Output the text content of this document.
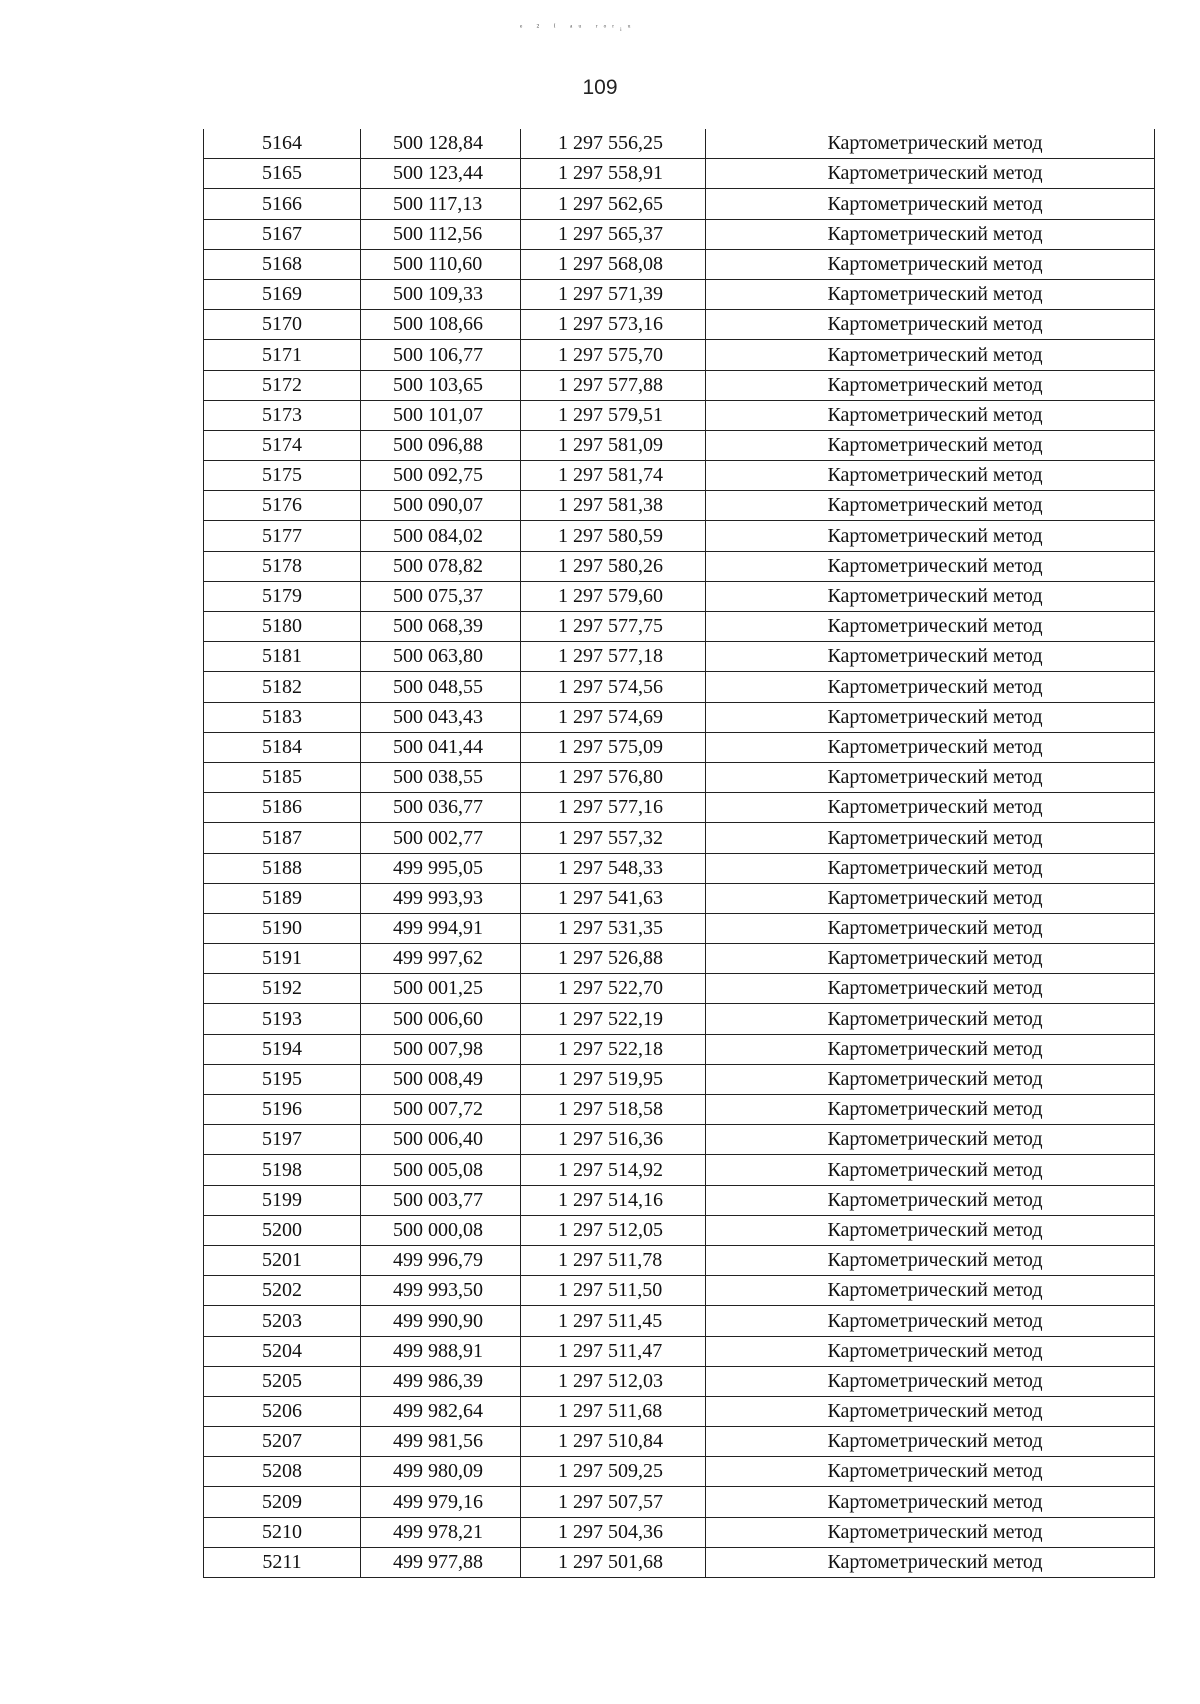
ᵉ ² ⁽ ᵃᵘ ʳᵒʳᵢᵘ
109
5164	500 128,84	1 297 556,25	Картометрический метод
5165	500 123,44	1 297 558,91	Картометрический метод
5166	500 117,13	1 297 562,65	Картометрический метод
5167	500 112,56	1 297 565,37	Картометрический метод
5168	500 110,60	1 297 568,08	Картометрический метод
5169	500 109,33	1 297 571,39	Картометрический метод
5170	500 108,66	1 297 573,16	Картометрический метод
5171	500 106,77	1 297 575,70	Картометрический метод
5172	500 103,65	1 297 577,88	Картометрический метод
5173	500 101,07	1 297 579,51	Картометрический метод
5174	500 096,88	1 297 581,09	Картометрический метод
5175	500 092,75	1 297 581,74	Картометрический метод
5176	500 090,07	1 297 581,38	Картометрический метод
5177	500 084,02	1 297 580,59	Картометрический метод
5178	500 078,82	1 297 580,26	Картометрический метод
5179	500 075,37	1 297 579,60	Картометрический метод
5180	500 068,39	1 297 577,75	Картометрический метод
5181	500 063,80	1 297 577,18	Картометрический метод
5182	500 048,55	1 297 574,56	Картометрический метод
5183	500 043,43	1 297 574,69	Картометрический метод
5184	500 041,44	1 297 575,09	Картометрический метод
5185	500 038,55	1 297 576,80	Картометрический метод
5186	500 036,77	1 297 577,16	Картометрический метод
5187	500 002,77	1 297 557,32	Картометрический метод
5188	499 995,05	1 297 548,33	Картометрический метод
5189	499 993,93	1 297 541,63	Картометрический метод
5190	499 994,91	1 297 531,35	Картометрический метод
5191	499 997,62	1 297 526,88	Картометрический метод
5192	500 001,25	1 297 522,70	Картометрический метод
5193	500 006,60	1 297 522,19	Картометрический метод
5194	500 007,98	1 297 522,18	Картометрический метод
5195	500 008,49	1 297 519,95	Картометрический метод
5196	500 007,72	1 297 518,58	Картометрический метод
5197	500 006,40	1 297 516,36	Картометрический метод
5198	500 005,08	1 297 514,92	Картометрический метод
5199	500 003,77	1 297 514,16	Картометрический метод
5200	500 000,08	1 297 512,05	Картометрический метод
5201	499 996,79	1 297 511,78	Картометрический метод
5202	499 993,50	1 297 511,50	Картометрический метод
5203	499 990,90	1 297 511,45	Картометрический метод
5204	499 988,91	1 297 511,47	Картометрический метод
5205	499 986,39	1 297 512,03	Картометрический метод
5206	499 982,64	1 297 511,68	Картометрический метод
5207	499 981,56	1 297 510,84	Картометрический метод
5208	499 980,09	1 297 509,25	Картометрический метод
5209	499 979,16	1 297 507,57	Картометрический метод
5210	499 978,21	1 297 504,36	Картометрический метод
5211	499 977,88	1 297 501,68	Картометрический метод
